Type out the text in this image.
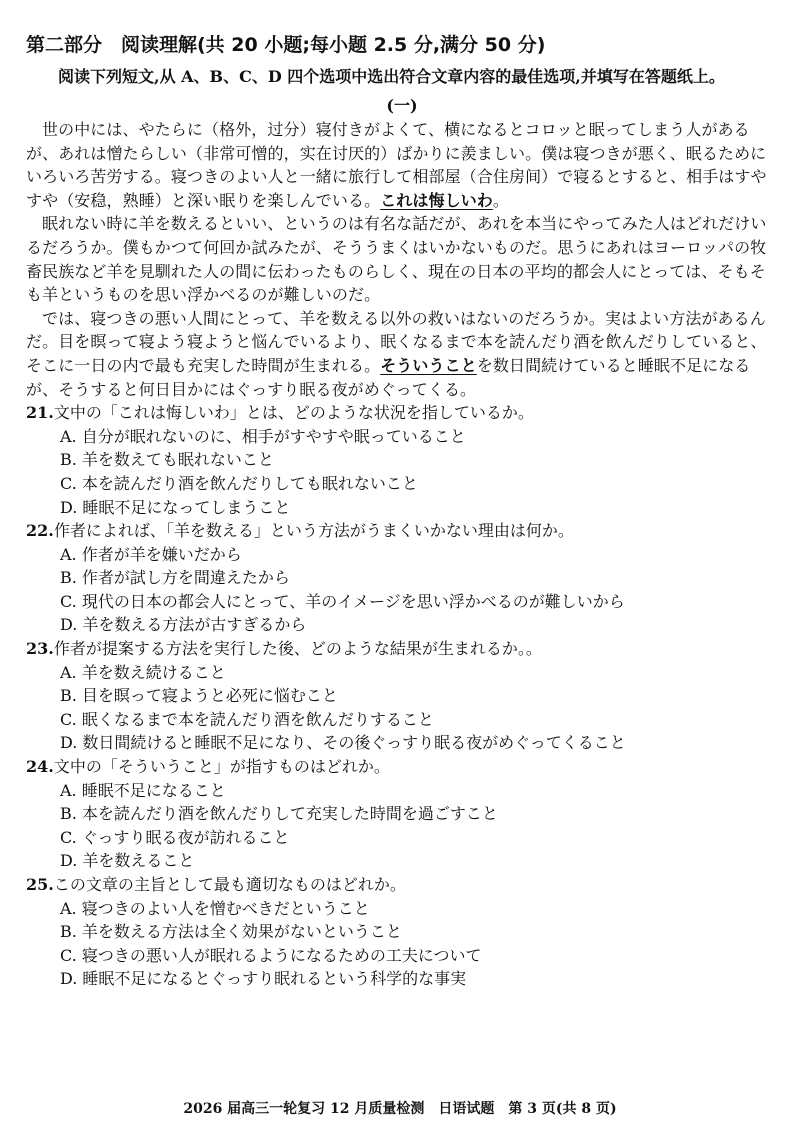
第二部分　阅读理解(共 20 小题;每小题 2.5 分,满分 50 分)

阅读下列短文,从 A、B、C、D 四个选项中选出符合文章内容的最佳选项,并填写在答题纸上。

(一)

世の中には、やたらに（格外，过分）寝付きがよくて、横になるとコロッと眠ってしまう人があるが、あれは憎たらしい（非常可憎的，实在讨厌的）ばかりに羨ましい。僕は寝つきが悪く、眠るためにいろいろ苦労する。寝つきのよい人と一緒に旅行して相部屋（合住房间）で寝るとすると、相手はすやすや（安稳，熟睡）と深い眠りを楽しんでいる。これは悔しいわ。

眠れない時に羊を数えるといい、というのは有名な話だが、あれを本当にやってみた人はどれだけいるだろうか。僕もかつて何回か試みたが、そううまくはいかないものだ。思うにあれはヨーロッパの牧畜民族など羊を見馴れた人の間に伝わったものらしく、現在の日本の平均的都会人にとっては、そもそも羊というものを思い浮かべるのが難しいのだ。

では、寝つきの悪い人間にとって、羊を数える以外の救いはないのだろうか。実はよい方法があるんだ。目を瞑って寝よう寝ようと悩んでいるより、眠くなるまで本を読んだり酒を飲んだりしていると、そこに一日の内で最も充実した時間が生まれる。そういうことを数日間続けていると睡眠不足になるが、そうすると何日目かにはぐっすり眠る夜がめぐってくる。

21.文中の「これは悔しいわ」とは、どのような状況を指しているか。

A. 自分が眠れないのに、相手がすやすや眠っていること
B. 羊を数えても眠れないこと
C. 本を読んだり酒を飲んだりしても眠れないこと
D. 睡眠不足になってしまうこと

22.作者によれば、「羊を数える」という方法がうまくいかない理由は何か。

A. 作者が羊を嫌いだから
B. 作者が試し方を間違えたから
C. 現代の日本の都会人にとって、羊のイメージを思い浮かべるのが難しいから
D. 羊を数える方法が古すぎるから

23.作者が提案する方法を実行した後、どのような結果が生まれるか。。

A. 羊を数え続けること
B. 目を瞑って寝ようと必死に悩むこと
C. 眠くなるまで本を読んだり酒を飲んだりすること
D. 数日間続けると睡眠不足になり、その後ぐっすり眠る夜がめぐってくること

24.文中の「そういうこと」が指すものはどれか。

A. 睡眠不足になること
B. 本を読んだり酒を飲んだりして充実した時間を過ごすこと
C. ぐっすり眠る夜が訪れること
D. 羊を数えること

25.この文章の主旨として最も適切なものはどれか。

A. 寝つきのよい人を憎むべきだということ
B. 羊を数える方法は全く効果がないということ
C. 寝つきの悪い人が眠れるようになるための工夫について
D. 睡眠不足になるとぐっすり眠れるという科学的な事実
2026 届高三一轮复习 12 月质量检测　日语试题　第 3 页(共 8 页)
